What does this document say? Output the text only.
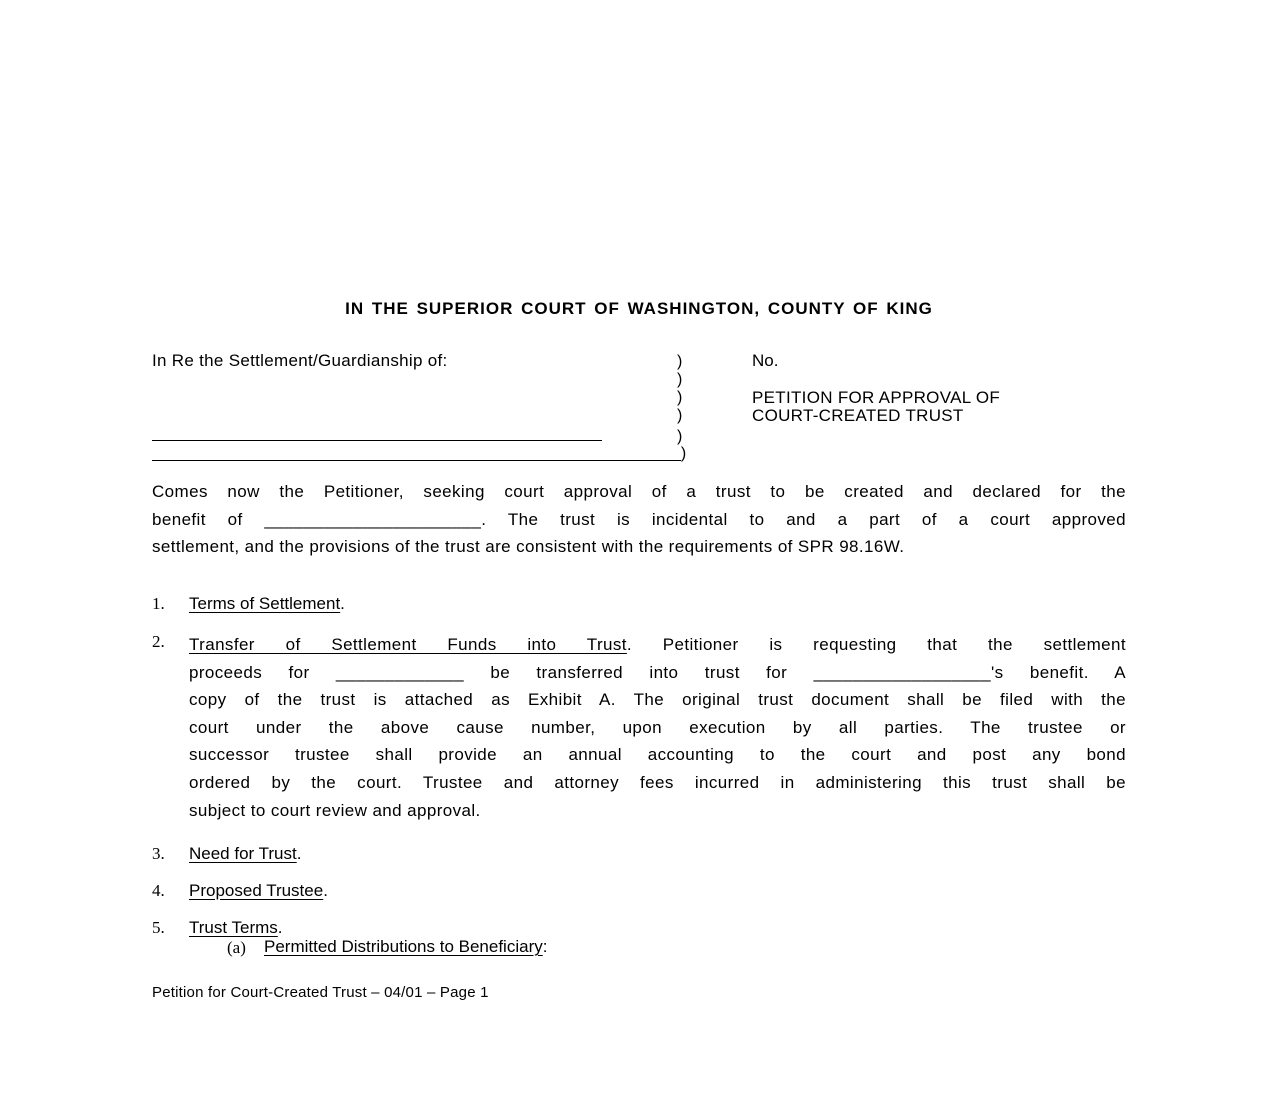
IN THE SUPERIOR COURT OF WASHINGTON, COUNTY OF KING
In Re the Settlement/Guardianship of:	)
)
)
)
)
_)
No.
PETITION FOR APPROVAL OF
COURT-CREATED TRUST
Comes now the Petitioner, seeking court approval of a trust to be created and declared for the
benefit of ______________________. The trust is incidental to and a part of a court approved
settlement, and the provisions of the trust are consistent with the requirements of SPR 98.16W.
1. Terms of Settlement.
2. Transfer of Settlement Funds into Trust. Petitioner is requesting that the settlement
proceeds for _____________ be transferred into trust for __________________'s benefit. A
copy of the trust is attached as Exhibit A. The original trust document shall be filed with the
court under the above cause number, upon execution by all parties. The trustee or
successor trustee shall provide an annual accounting to the court and post any bond
ordered by the court. Trustee and attorney fees incurred in administering this trust shall be
subject to court review and approval.
3. Need for Trust.
4. Proposed Trustee.
5. Trust Terms.
(a) Permitted Distributions to Beneficiary:
Petition for Court-Created Trust – 04/01 – Page 1
